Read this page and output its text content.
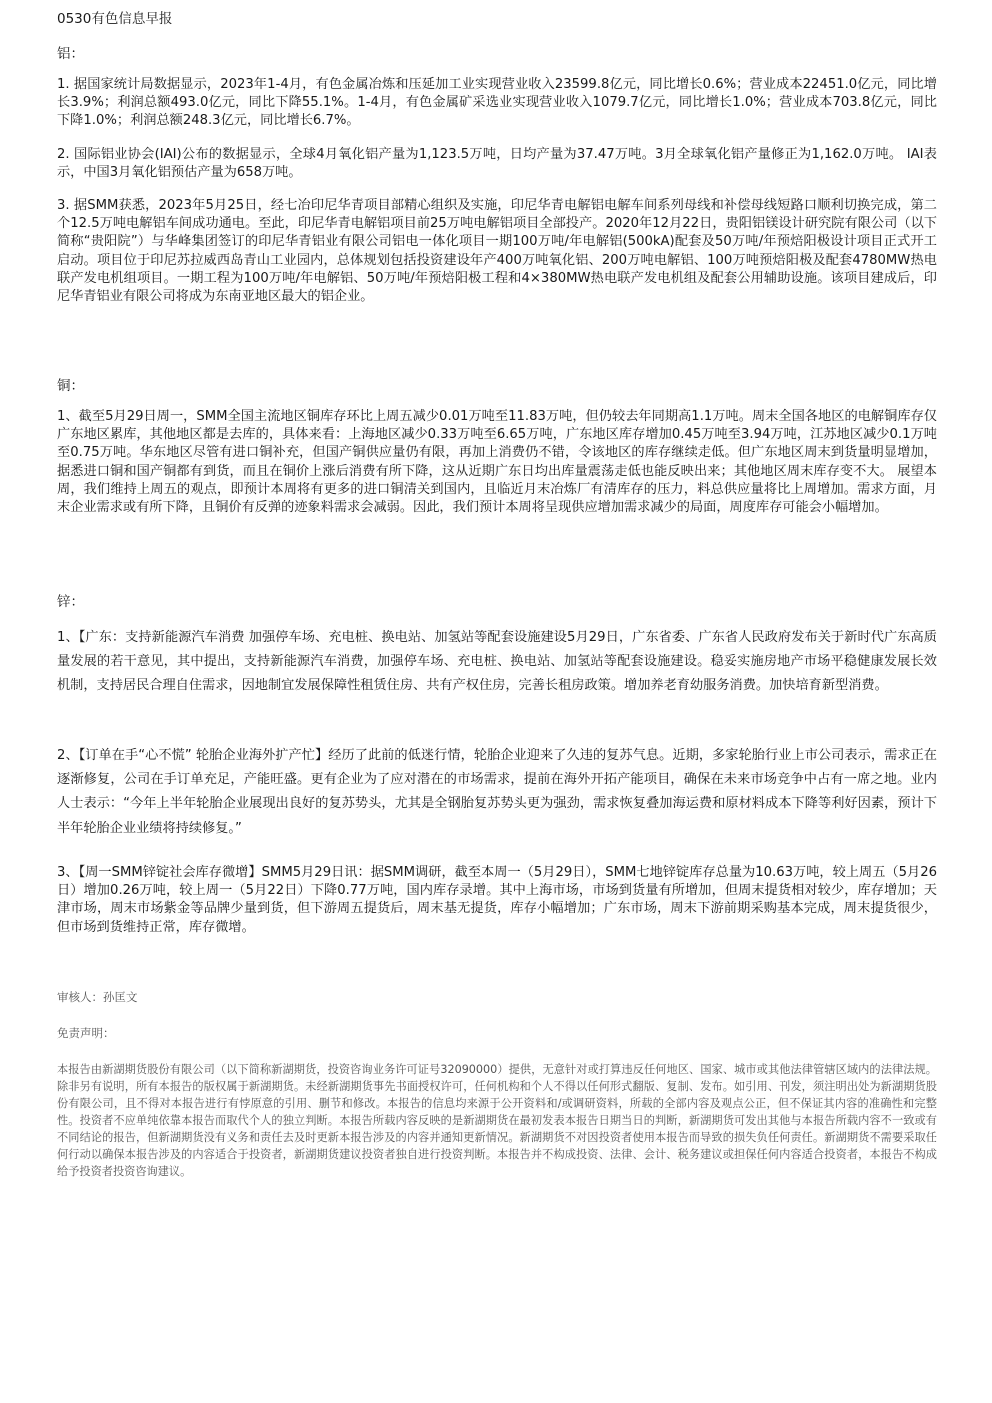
0530有色信息早报
铝：

1. 据国家统计局数据显示，2023年1-4月，有色金属冶炼和压延加工业实现营业收入23599.8亿元，同比增长0.6%；营业成本22451.0亿元，同比增长3.9%；利润总额493.0亿元，同比下降55.1%。1-4月，有色金属矿采选业实现营业收入1079.7亿元，同比增长1.0%；营业成本703.8亿元，同比下降1.0%；利润总额248.3亿元，同比增长6.7%。

2. 国际铝业协会(IAI)公布的数据显示，全球4月氧化铝产量为1,123.5万吨，日均产量为37.47万吨。3月全球氧化铝产量修正为1,162.0万吨。 IAI表示，中国3月氧化铝预估产量为658万吨。

3. 据SMM获悉，2023年5月25日，经七冶印尼华青项目部精心组织及实施，印尼华青电解铝电解车间系列母线和补偿母线短路口顺利切换完成，第二个12.5万吨电解铝车间成功通电。至此，印尼华青电解铝项目前25万吨电解铝项目全部投产。2020年12月22日，贵阳铝镁设计研究院有限公司（以下简称“贵阳院”）与华峰集团签订的印尼华青铝业有限公司铝电一体化项目一期100万吨/年电解铝(500kA)配套及50万吨/年预焙阳极设计项目正式开工启动。项目位于印尼苏拉威西岛青山工业园内，总体规划包括投资建设年产400万吨氧化铝、200万吨电解铝、100万吨预焙阳极及配套4780MW热电联产发电机组项目。一期工程为100万吨/年电解铝、50万吨/年预焙阳极工程和4×380MW热电联产发电机组及配套公用辅助设施。该项目建成后，印尼华青铝业有限公司将成为东南亚地区最大的铝企业。

铜：

1、截至5月29日周一，SMM全国主流地区铜库存环比上周五减少0.01万吨至11.83万吨，但仍较去年同期高1.1万吨。周末全国各地区的电解铜库存仅广东地区累库，其他地区都是去库的，具体来看：上海地区减少0.33万吨至6.65万吨，广东地区库存增加0.45万吨至3.94万吨，江苏地区减少0.1万吨至0.75万吨。华东地区尽管有进口铜补充，但国产铜供应量仍有限，再加上消费仍不错，令该地区的库存继续走低。但广东地区周末到货量明显增加，据悉进口铜和国产铜都有到货，而且在铜价上涨后消费有所下降，这从近期广东日均出库量震荡走低也能反映出来；其他地区周末库存变不大。 展望本周，我们维持上周五的观点，即预计本周将有更多的进口铜清关到国内，且临近月末冶炼厂有清库存的压力，料总供应量将比上周增加。需求方面，月末企业需求或有所下降，且铜价有反弹的迹象料需求会减弱。因此，我们预计本周将呈现供应增加需求减少的局面，周度库存可能会小幅增加。

锌：

1、【广东：支持新能源汽车消费 加强停车场、充电桩、换电站、加氢站等配套设施建设5月29日，广东省委、广东省人民政府发布关于新时代广东高质量发展的若干意见，其中提出，支持新能源汽车消费，加强停车场、充电桩、换电站、加氢站等配套设施建设。稳妥实施房地产市场平稳健康发展长效机制，支持居民合理自住需求，因地制宜发展保障性租赁住房、共有产权住房，完善长租房政策。增加养老育幼服务消费。加快培育新型消费。

2、【订单在手“心不慌” 轮胎企业海外扩产忙】经历了此前的低迷行情，轮胎企业迎来了久违的复苏气息。近期，多家轮胎行业上市公司表示，需求正在逐渐修复，公司在手订单充足，产能旺盛。更有企业为了应对潜在的市场需求，提前在海外开拓产能项目，确保在未来市场竞争中占有一席之地。业内人士表示：“今年上半年轮胎企业展现出良好的复苏势头，尤其是全钢胎复苏势头更为强劲，需求恢复叠加海运费和原材料成本下降等利好因素，预计下半年轮胎企业业绩将持续修复。”

3、【周一SMM锌锭社会库存微增】SMM5月29日讯：据SMM调研，截至本周一（5月29日），SMM七地锌锭库存总量为10.63万吨，较上周五（5月26日）增加0.26万吨，较上周一（5月22日）下降0.77万吨，国内库存录增。其中上海市场，市场到货量有所增加，但周末提货相对较少，库存增加；天津市场，周末市场紫金等品牌少量到货，但下游周五提货后，周末基无提货，库存小幅增加；广东市场，周末下游前期采购基本完成，周末提货很少，但市场到货维持正常，库存微增。

审核人：孙匡文
免责声明：

本报告由新湖期货股份有限公司（以下简称新湖期货，投资咨询业务许可证号32090000）提供，无意针对或打算违反任何地区、国家、城市或其他法律管辖区域内的法律法规。除非另有说明，所有本报告的版权属于新湖期货。未经新湖期货事先书面授权许可，任何机构和个人不得以任何形式翻版、复制、发布。如引用、刊发，须注明出处为新湖期货股份有限公司，且不得对本报告进行有悖原意的引用、删节和修改。本报告的信息均来源于公开资料和/或调研资料，所载的全部内容及观点公正，但不保证其内容的准确性和完整性。投资者不应单纯依靠本报告而取代个人的独立判断。本报告所载内容反映的是新湖期货在最初发表本报告日期当日的判断，新湖期货可发出其他与本报告所载内容不一致或有不同结论的报告，但新湖期货没有义务和责任去及时更新本报告涉及的内容并通知更新情况。新湖期货不对因投资者使用本报告而导致的损失负任何责任。新湖期货不需要采取任何行动以确保本报告涉及的内容适合于投资者，新湖期货建议投资者独自进行投资判断。本报告并不构成投资、法律、会计、税务建议或担保任何内容适合投资者，本报告不构成给予投资者投资咨询建议。
